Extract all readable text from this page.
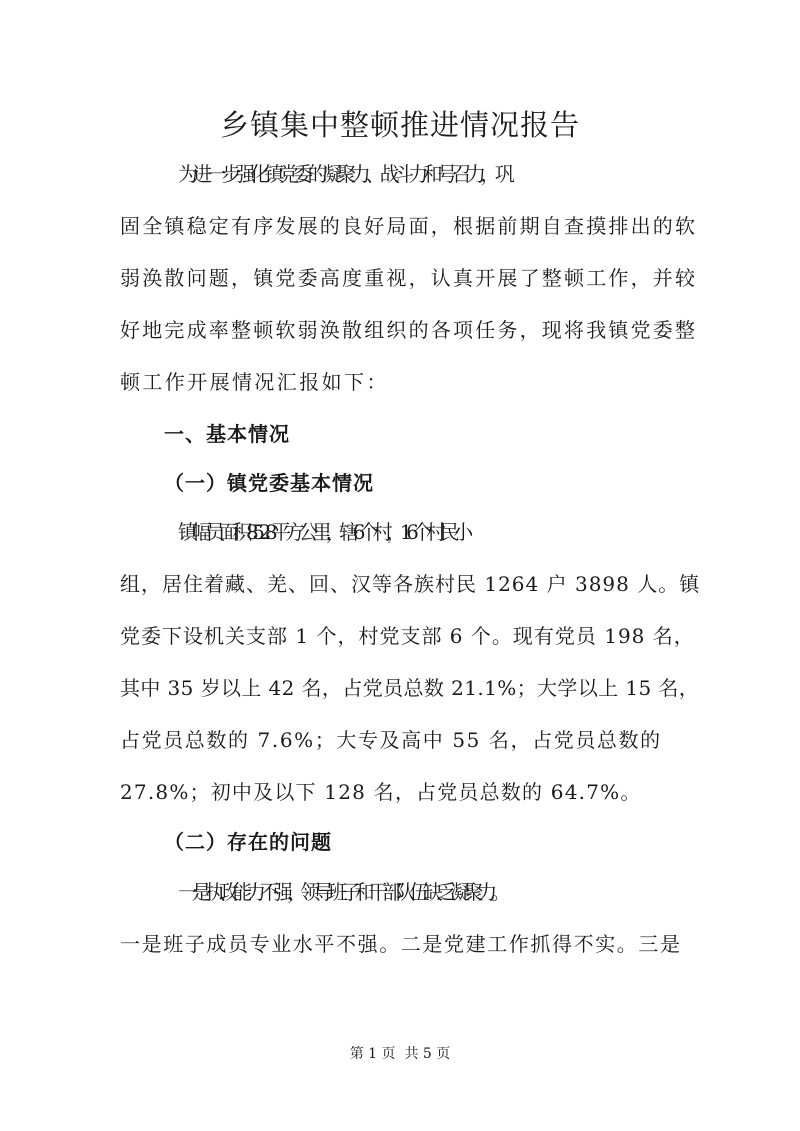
乡镇集中整顿推进情况报告
为进一步强化镇党委的凝聚力、战斗力和号召力，巩
固全镇稳定有序发展的良好局面，根据前期自查摸排出的软
弱涣散问题，镇党委高度重视，认真开展了整顿工作，并较
好地完成率整顿软弱涣散组织的各项任务，现将我镇党委整
顿工作开展情况汇报如下：
一、基本情况
（一）镇党委基本情况
镇幅员面积 852.8 平方公里，辖 6 个村，16 个村民小
组，居住着藏、羌、回、汉等各族村民 1264 户 3898 人。镇
党委下设机关支部 1 个，村党支部 6 个。现有党员 198 名，
其中 35 岁以上 42 名，占党员总数 21.1%；大学以上 15 名，
占党员总数的 7.6%；大专及高中 55 名，占党员总数的
27.8%；初中及以下 128 名，占党员总数的 64.7%。
（二）存在的问题
一是执政能力不强，领导班子和干部队伍缺乏凝聚力。
一是班子成员专业水平不强。二是党建工作抓得不实。三是
第 1 页  共 5 页
